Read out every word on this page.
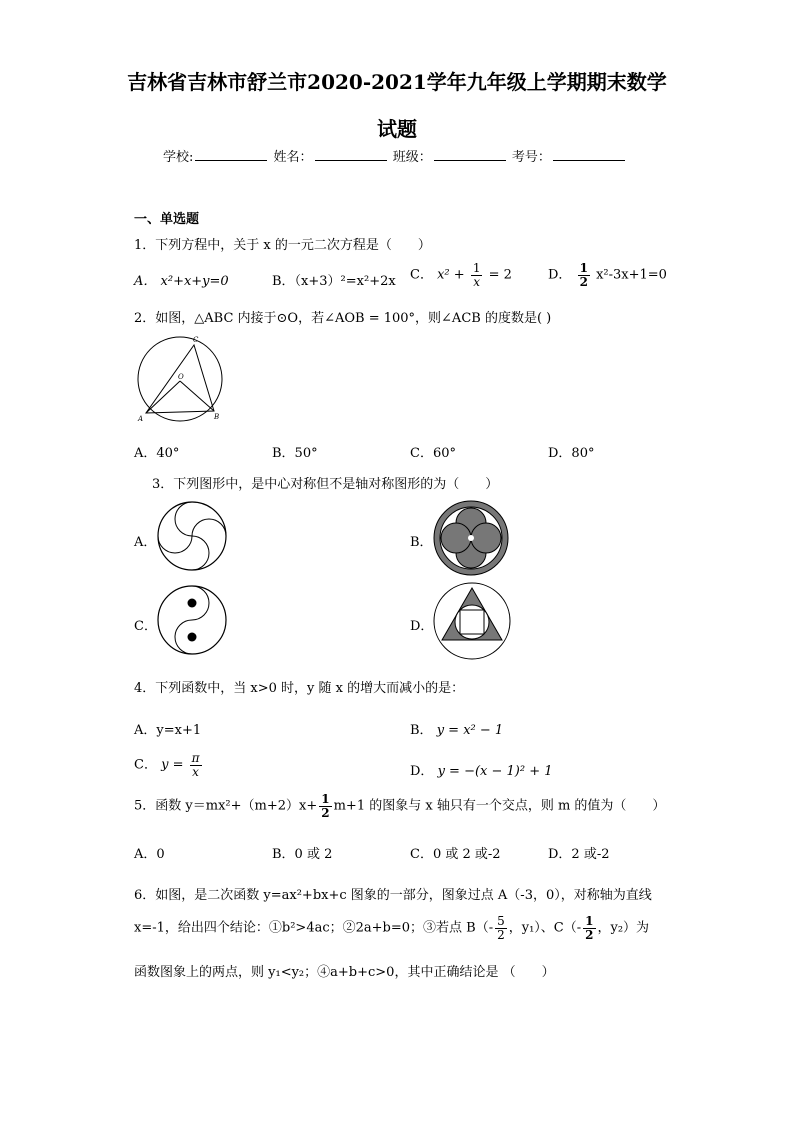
吉林省吉林市舒兰市2020-2021学年九年级上学期期末数学
试题
学校:	姓名：	班级：	考号：
一、单选题
1．下列方程中，关于 x 的一元二次方程是（　　）
A． x²+x+y=0	B．（x+3）²=x²+2x C． $x^2 + \frac{1}{x} = 2$	D． $\frac{1}{2} x^2-3x+1=0$
2．如图，△ABC 内接于⊙O，若∠AOB = 100°，则∠ACB 的度数是( )
C
O
A	B
A．40°	B．50°	C．60°	D．80°
3．下列图形中，是中心对称但不是轴对称图形的为（　　）
A．	B．
C．	D．
4．下列函数中，当 x>0 时，y 随 x 的增大而减小的是：
A．y=x+1	B． y = x² − 1
C． $y = \frac{\pi}{x}$	D． y = −(x − 1)² + 1
5．函数 $y=mx^2+(m+2)x+ \frac{1}{2} m+1$ 的图象与 x 轴只有一个交点，则 m 的值为（　　）
A．0	B．0 或 2	C．0 或 2 或-2	D．2 或-2
6．如图，是二次函数 y=ax²+bx+c 图象的一部分，图象过点 A（-3，0），对称轴为直线
x=-1，给出四个结论：①b²>4ac；②2a+b=0；③若点 $B(- \frac{5}{2}$ ，y₁）、$C(- \frac{1}{2}$ ，y₂）为
函数图象上的两点，则 y₁<y₂；④a+b+c>0，其中正确结论是 （　　）
